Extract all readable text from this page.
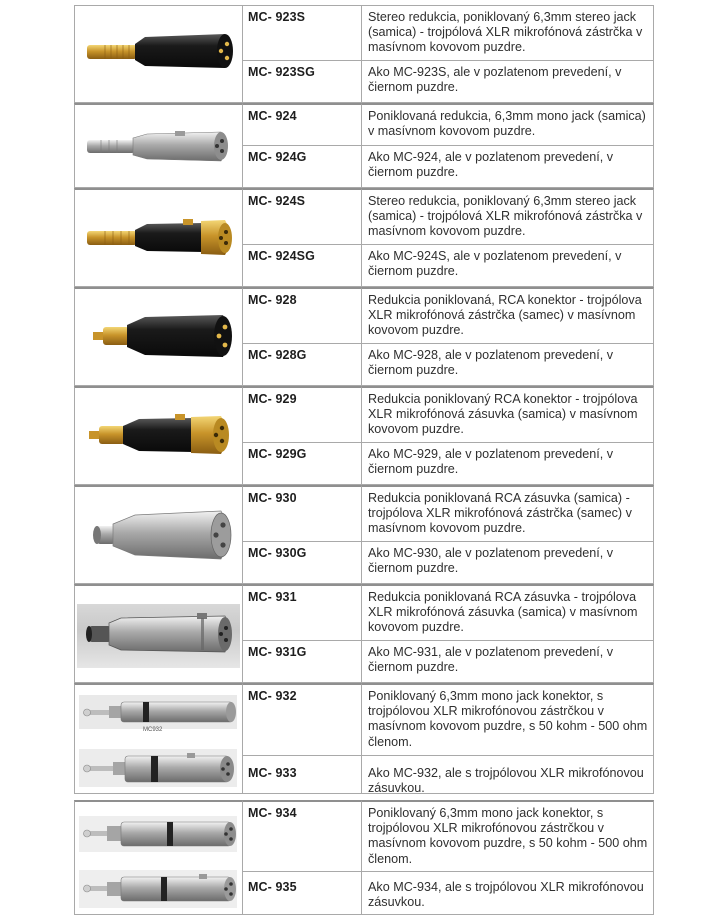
MC- 923S	Stereo redukcia, poniklovaný 6,3mm stereo jack (samica) - trojpólová XLR mikrofónová zástrčka v masívnom kovovom puzdre.
MC- 923SG	Ako MC-923S, ale v pozlatenom prevedení, v čiernom puzdre.
MC- 924	Poniklovaná redukcia, 6,3mm mono jack (samica) v masívnom kovovom puzdre.
MC- 924G	Ako MC-924, ale v pozlatenom prevedení, v čiernom puzdre.
MC- 924S	Stereo redukcia, poniklovaný 6,3mm stereo jack (samica) - trojpólová XLR mikrofónová zástrčka v masívnom kovovom puzdre.
MC- 924SG	Ako MC-924S, ale v pozlatenom prevedení, v čiernom puzdre.
MC- 928	Redukcia poniklovaná, RCA konektor - trojpólova XLR mikrofónová zástrčka (samec) v masívnom kovovom puzdre.
MC- 928G	Ako MC-928, ale v pozlatenom prevedení, v čiernom puzdre.
MC- 929	Redukcia poniklovaný RCA konektor - trojpólova XLR mikrofónová zásuvka (samica) v masívnom kovovom puzdre.
MC- 929G	Ako MC-929, ale v pozlatenom prevedení, v čiernom puzdre.
MC- 930	Redukcia poniklovaná RCA zásuvka (samica) - trojpólova XLR mikrofónová zástrčka (samec) v masívnom kovovom puzdre.
MC- 930G	Ako MC-930, ale v pozlatenom prevedení, v čiernom puzdre.
MC- 931	Redukcia poniklovaná RCA zásuvka - trojpólova XLR mikrofónová zásuvka (samica) v masívnom kovovom puzdre.
MC- 931G	Ako MC-931, ale v pozlatenom prevedení, v čiernom puzdre.
MC932
MC- 932	Poniklovaný 6,3mm mono jack konektor, s trojpólovou XLR mikrofónovou zástrčkou v masívnom kovovom puzdre, s 50 kohm - 500 ohm členom.
MC- 933	Ako MC-932, ale s trojpólovou XLR mikrofónovou zásuvkou.
MC- 934	Poniklovaný 6,3mm mono jack konektor, s trojpólovou XLR mikrofónovou zástrčkou v masívnom kovovom puzdre, s 50 kohm - 500 ohm členom.
MC- 935	Ako MC-934, ale s trojpólovou XLR mikrofónovou zásuvkou.
